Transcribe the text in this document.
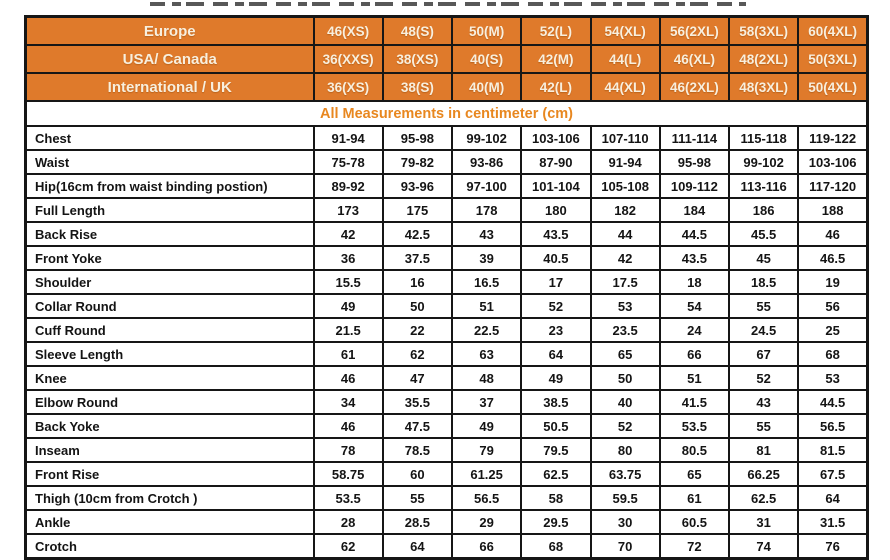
Europe	46(XS)	48(S)	50(M)	52(L)	54(XL)	56(2XL)	58(3XL)	60(4XL)
USA/ Canada	36(XXS)	38(XS)	40(S)	42(M)	44(L)	46(XL)	48(2XL)	50(3XL)
International / UK	36(XS)	38(S)	40(M)	42(L)	44(XL)	46(2XL)	48(3XL)	50(4XL)
All Measurements in centimeter (cm)								
Chest	91-94	95-98	99-102	103-106	107-110	111-114	115-118	119-122
Waist	75-78	79-82	93-86	87-90	91-94	95-98	99-102	103-106
Hip(16cm from waist binding postion)	89-92	93-96	97-100	101-104	105-108	109-112	113-116	117-120
Full Length	173	175	178	180	182	184	186	188
Back Rise	42	42.5	43	43.5	44	44.5	45.5	46
Front Yoke	36	37.5	39	40.5	42	43.5	45	46.5
Shoulder	15.5	16	16.5	17	17.5	18	18.5	19
Collar Round	49	50	51	52	53	54	55	56
Cuff Round	21.5	22	22.5	23	23.5	24	24.5	25
Sleeve Length	61	62	63	64	65	66	67	68
Knee	46	47	48	49	50	51	52	53
Elbow Round	34	35.5	37	38.5	40	41.5	43	44.5
Back Yoke	46	47.5	49	50.5	52	53.5	55	56.5
Inseam	78	78.5	79	79.5	80	80.5	81	81.5
Front Rise	58.75	60	61.25	62.5	63.75	65	66.25	67.5
Thigh (10cm from Crotch )	53.5	55	56.5	58	59.5	61	62.5	64
Ankle	28	28.5	29	29.5	30	60.5	31	31.5
Crotch	62	64	66	68	70	72	74	76
